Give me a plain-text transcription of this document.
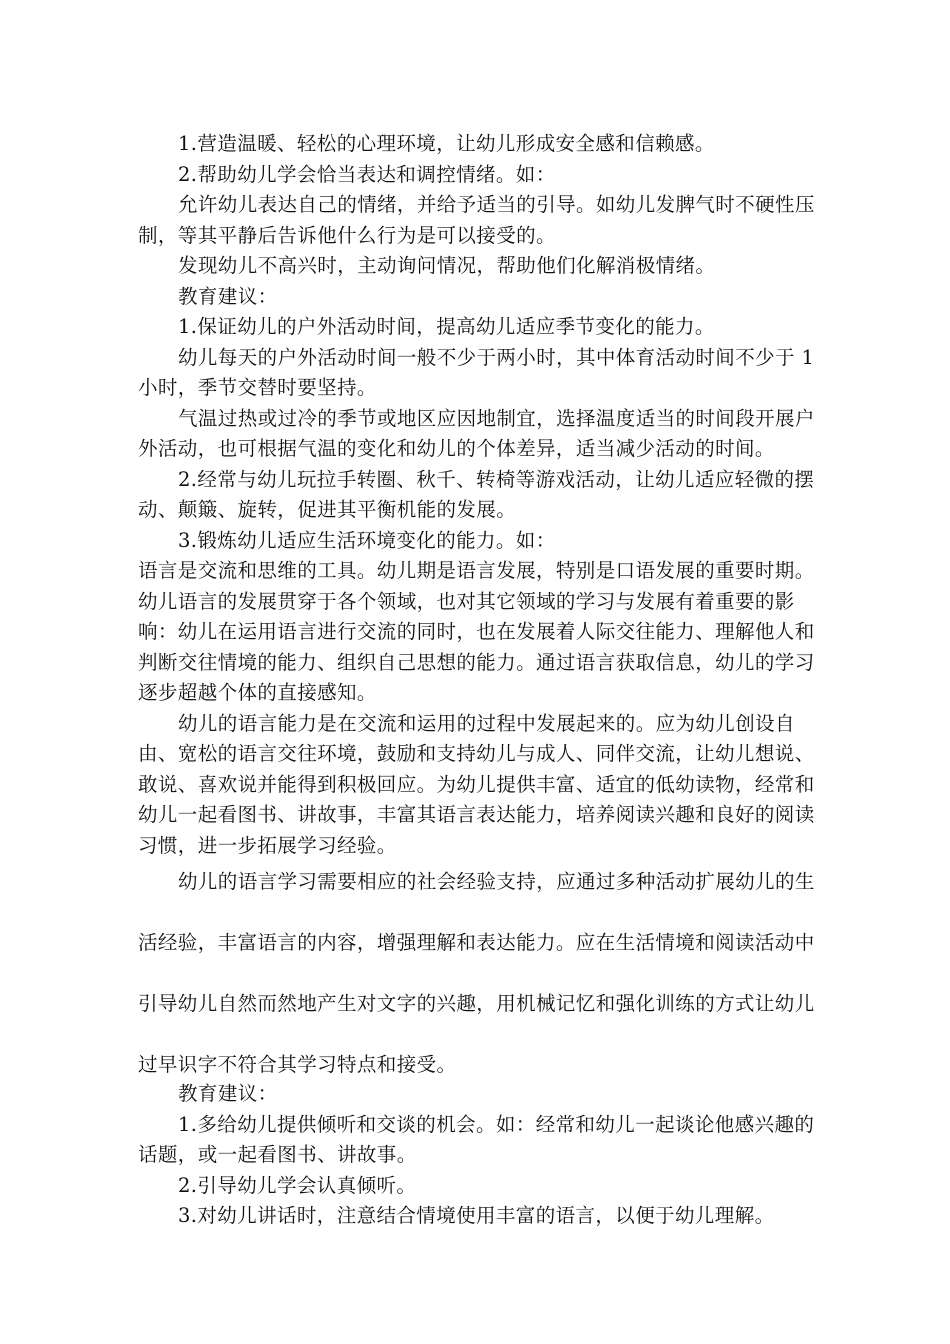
1.营造温暖、轻松的心理环境，让幼儿形成安全感和信赖感。

2.帮助幼儿学会恰当表达和调控情绪。如：

允许幼儿表达自己的情绪，并给予适当的引导。如幼儿发脾气时不硬性压制，等其平静后告诉他什么行为是可以接受的。

发现幼儿不高兴时，主动询问情况，帮助他们化解消极情绪。

教育建议：

1.保证幼儿的户外活动时间，提高幼儿适应季节变化的能力。

幼儿每天的户外活动时间一般不少于两小时，其中体育活动时间不少于 1 小时，季节交替时要坚持。

气温过热或过冷的季节或地区应因地制宜，选择温度适当的时间段开展户外活动，也可根据气温的变化和幼儿的个体差异，适当减少活动的时间。

2.经常与幼儿玩拉手转圈、秋千、转椅等游戏活动，让幼儿适应轻微的摆动、颠簸、旋转，促进其平衡机能的发展。

3.锻炼幼儿适应生活环境变化的能力。如：

语言是交流和思维的工具。幼儿期是语言发展，特别是口语发展的重要时期。幼儿语言的发展贯穿于各个领域，也对其它领域的学习与发展有着重要的影响：幼儿在运用语言进行交流的同时，也在发展着人际交往能力、理解他人和判断交往情境的能力、组织自己思想的能力。通过语言获取信息，幼儿的学习逐步超越个体的直接感知。

幼儿的语言能力是在交流和运用的过程中发展起来的。应为幼儿创设自由、宽松的语言交往环境，鼓励和支持幼儿与成人、同伴交流，让幼儿想说、敢说、喜欢说并能得到积极回应。为幼儿提供丰富、适宜的低幼读物，经常和幼儿一起看图书、讲故事，丰富其语言表达能力，培养阅读兴趣和良好的阅读习惯，进一步拓展学习经验。

幼儿的语言学习需要相应的社会经验支持，应通过多种活动扩展幼儿的生活经验，丰富语言的内容，增强理解和表达能力。应在生活情境和阅读活动中引导幼儿自然而然地产生对文字的兴趣，用机械记忆和强化训练的方式让幼儿过早识字不符合其学习特点和接受。

教育建议：

1.多给幼儿提供倾听和交谈的机会。如：经常和幼儿一起谈论他感兴趣的话题，或一起看图书、讲故事。

2.引导幼儿学会认真倾听。

3.对幼儿讲话时，注意结合情境使用丰富的语言，以便于幼儿理解。
